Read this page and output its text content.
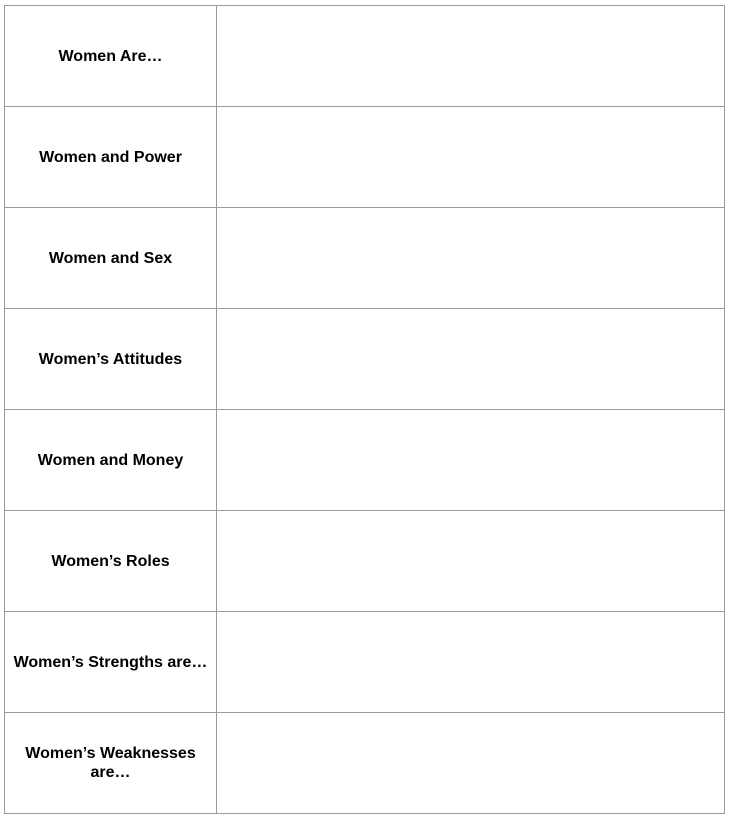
Women Are…	
Women and Power	
Women and Sex	
Women’s Attitudes	
Women and Money	
Women’s Roles	
Women’s Strengths are…	
Women’s Weaknesses are…	
